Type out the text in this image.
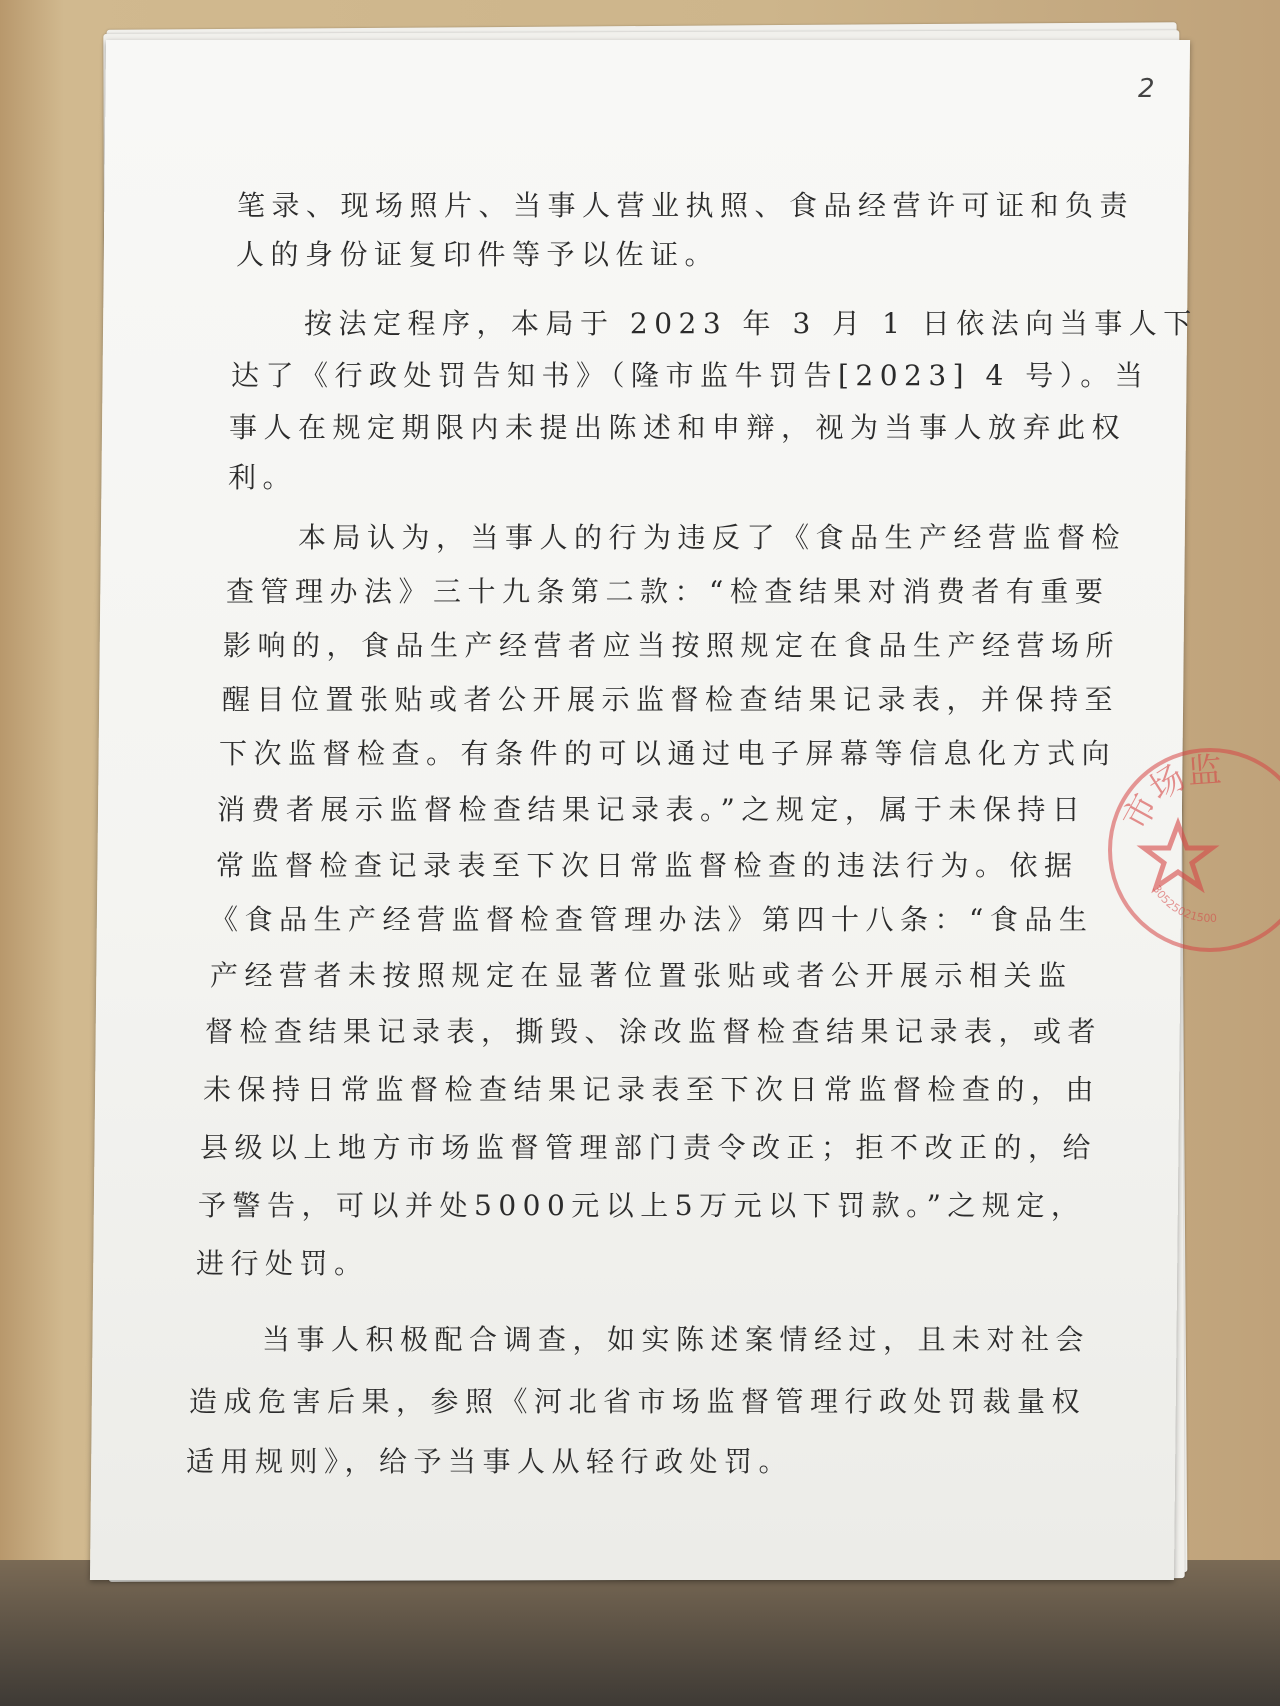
2
笔录、现场照片、当事人营业执照、食品经营许可证和负责
人的身份证复印件等予以佐证。
按法定程序，本局于 2023 年 3 月 1 日依法向当事人下
达了《行政处罚告知书》（隆市监牛罚告[2023] 4 号）。当
事人在规定期限内未提出陈述和申辩，视为当事人放弃此权
利。
本局认为，当事人的行为违反了《食品生产经营监督检
查管理办法》三十九条第二款：“检查结果对消费者有重要
影响的，食品生产经营者应当按照规定在食品生产经营场所
醒目位置张贴或者公开展示监督检查结果记录表，并保持至
下次监督检查。有条件的可以通过电子屏幕等信息化方式向
消费者展示监督检查结果记录表。”之规定，属于未保持日
常监督检查记录表至下次日常监督检查的违法行为。依据
《食品生产经营监督检查管理办法》第四十八条：“食品生
产经营者未按照规定在显著位置张贴或者公开展示相关监
督检查结果记录表，撕毁、涂改监督检查结果记录表，或者
未保持日常监督检查结果记录表至下次日常监督检查的，由
县级以上地方市场监督管理部门责令改正；拒不改正的，给
予警告，可以并处5000元以上5万元以下罚款。”之规定，
进行处罚。
当事人积极配合调查，如实陈述案情经过，且未对社会
造成危害后果，参照《河北省市场监督管理行政处罚裁量权
适用规则》，给予当事人从轻行政处罚。
市场监
30525021500
